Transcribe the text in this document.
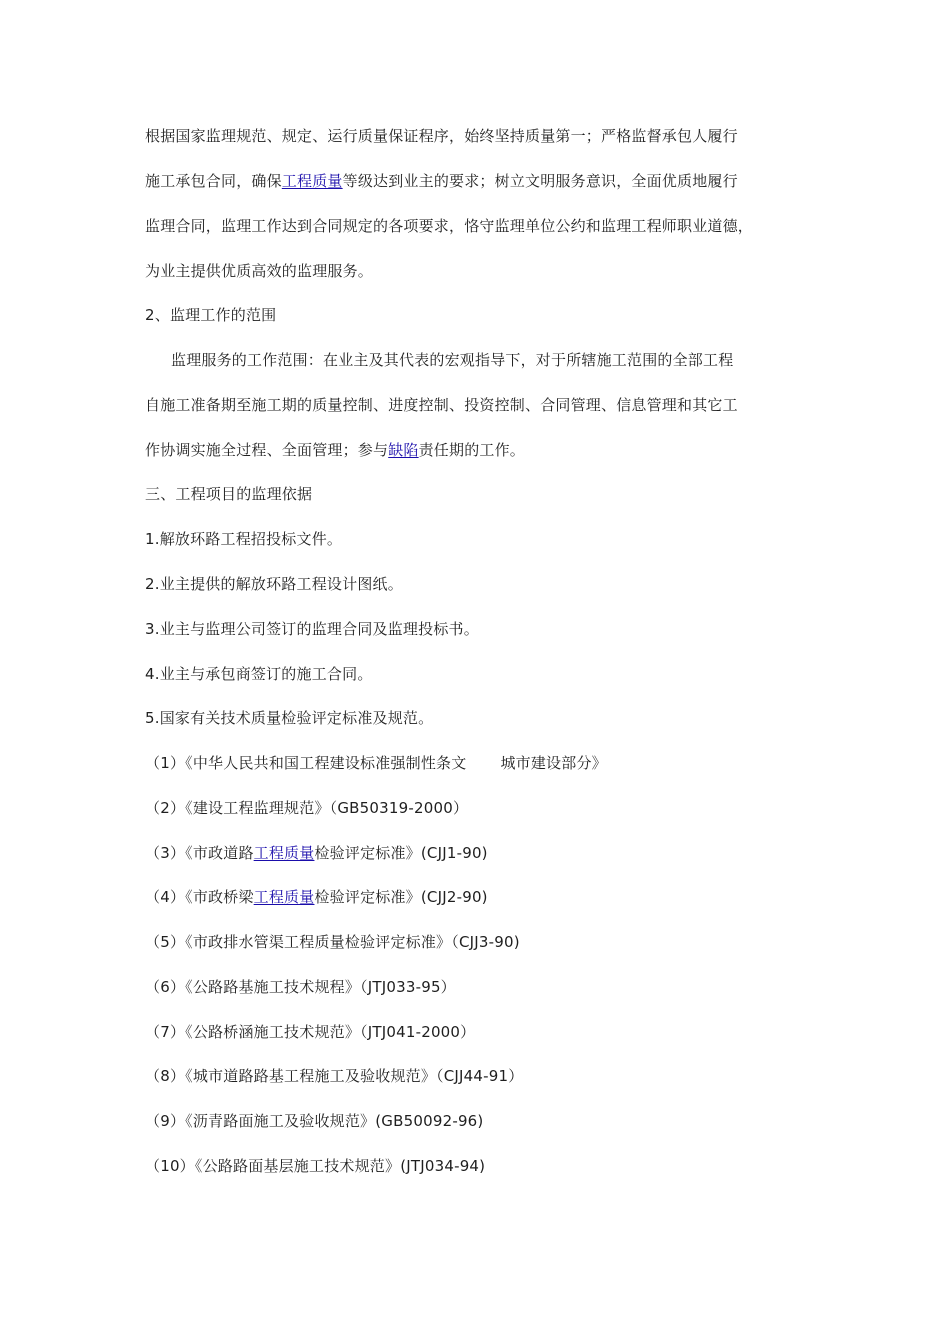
根据国家监理规范、规定、运行质量保证程序，始终坚持质量第一；严格监督承包人履行
施工承包合同，确保工程质量等级达到业主的要求；树立文明服务意识，全面优质地履行
监理合同，监理工作达到合同规定的各项要求，恪守监理单位公约和监理工程师职业道德，
为业主提供优质高效的监理服务。
2、监理工作的范围
监理服务的工作范围：在业主及其代表的宏观指导下，对于所辖施工范围的全部工程
自施工准备期至施工期的质量控制、进度控制、投资控制、合同管理、信息管理和其它工
作协调实施全过程、全面管理；参与缺陷责任期的工作。
三、工程项目的监理依据
1.解放环路工程招投标文件。
2.业主提供的解放环路工程设计图纸。
3.业主与监理公司签订的监理合同及监理投标书。
4.业主与承包商签订的施工合同。
5.国家有关技术质量检验评定标准及规范。
（1）《中华人民共和国工程建设标准强制性条文 城市建设部分》
（2）《建设工程监理规范》（GB50319-2000）
（3）《市政道路工程质量检验评定标准》(CJJ1-90)
（4）《市政桥梁工程质量检验评定标准》(CJJ2-90)
（5）《市政排水管渠工程质量检验评定标准》（CJJ3-90)
（6）《公路路基施工技术规程》（JTJ033-95）
（7）《公路桥涵施工技术规范》（JTJ041-2000）
（8）《城市道路路基工程施工及验收规范》（CJJ44-91）
（9）《沥青路面施工及验收规范》(GB50092-96)
（10）《公路路面基层施工技术规范》(JTJ034-94)
